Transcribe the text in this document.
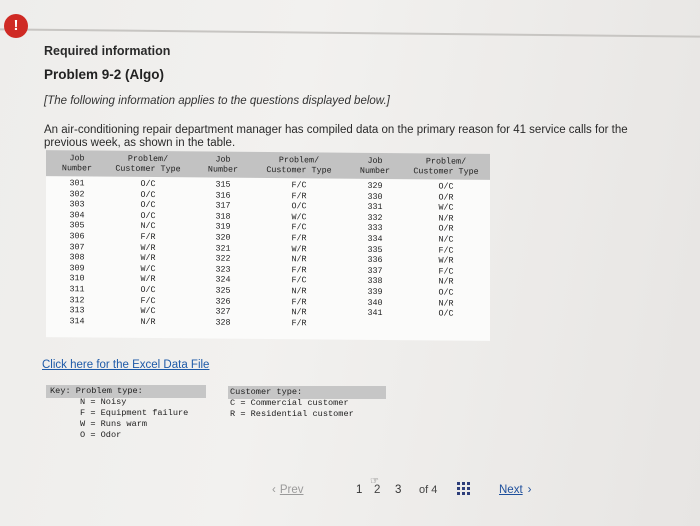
!
Required information
Problem 9-2 (Algo)
[The following information applies to the questions displayed below.]
An air-conditioning repair department manager has compiled data on the primary reason for 41 service calls for the previous week, as shown in the table.
Job
Number
Problem/
Customer Type
Job
Number
Problem/
Customer Type
Job
Number
Problem/
Customer Type
301
302
303
304
305
306
307
308
309
310
311
312
313
314
O/C
O/C
O/C
O/C
N/C
F/R
W/R
W/R
W/C
W/R
O/C
F/C
W/C
N/R
315
316
317
318
319
320
321
322
323
324
325
326
327
328
F/C
F/R
O/C
W/C
F/C
F/R
W/R
N/R
F/R
F/C
N/R
F/R
N/R
F/R
329
330
331
332
333
334
335
336
337
338
339
340
341
O/C
O/R
W/C
N/R
O/R
N/C
F/C
W/R
F/C
N/R
O/C
N/R
O/C
Click here for the Excel Data File
Key: Problem type:
N = Noisy
F = Equipment failure
W = Runs warm
O = Odor
Customer type:
C = Commercial customer
R = Residential customer
‹ Prev
☞
1 2 3 of 4	Next ›
